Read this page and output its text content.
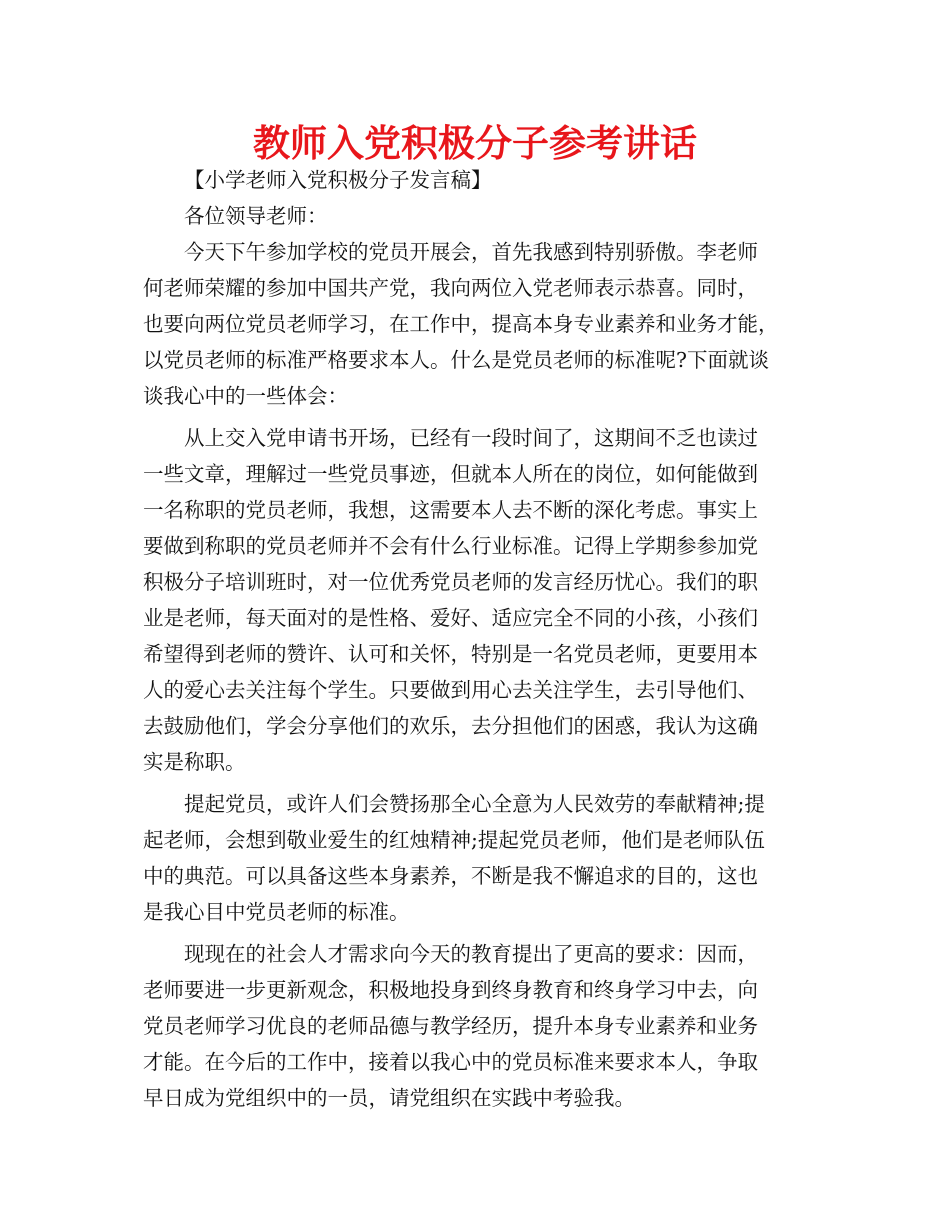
教师入党积极分子参考讲话
【小学老师入党积极分子发言稿】
各位领导老师：
今天下午参加学校的党员开展会，首先我感到特别骄傲。李老师
何老师荣耀的参加中国共产党，我向两位入党老师表示恭喜。同时，
也要向两位党员老师学习，在工作中，提高本身专业素养和业务才能，
以党员老师的标准严格要求本人。什么是党员老师的标准呢?下面就谈
谈我心中的一些体会：
从上交入党申请书开场，已经有一段时间了，这期间不乏也读过
一些文章，理解过一些党员事迹，但就本人所在的岗位，如何能做到
一名称职的党员老师，我想，这需要本人去不断的深化考虑。事实上
要做到称职的党员老师并不会有什么行业标准。记得上学期参参加党
积极分子培训班时，对一位优秀党员老师的发言经历忧心。我们的职
业是老师，每天面对的是性格、爱好、适应完全不同的小孩，小孩们
希望得到老师的赞许、认可和关怀，特别是一名党员老师，更要用本
人的爱心去关注每个学生。只要做到用心去关注学生，去引导他们、
去鼓励他们，学会分享他们的欢乐，去分担他们的困惑，我认为这确
实是称职。
提起党员，或许人们会赞扬那全心全意为人民效劳的奉献精神;提
起老师，会想到敬业爱生的红烛精神;提起党员老师，他们是老师队伍
中的典范。可以具备这些本身素养，不断是我不懈追求的目的，这也
是我心目中党员老师的标准。
现现在的社会人才需求向今天的教育提出了更高的要求：因而，
老师要进一步更新观念，积极地投身到终身教育和终身学习中去，向
党员老师学习优良的老师品德与教学经历，提升本身专业素养和业务
才能。在今后的工作中，接着以我心中的党员标准来要求本人，争取
早日成为党组织中的一员，请党组织在实践中考验我。
